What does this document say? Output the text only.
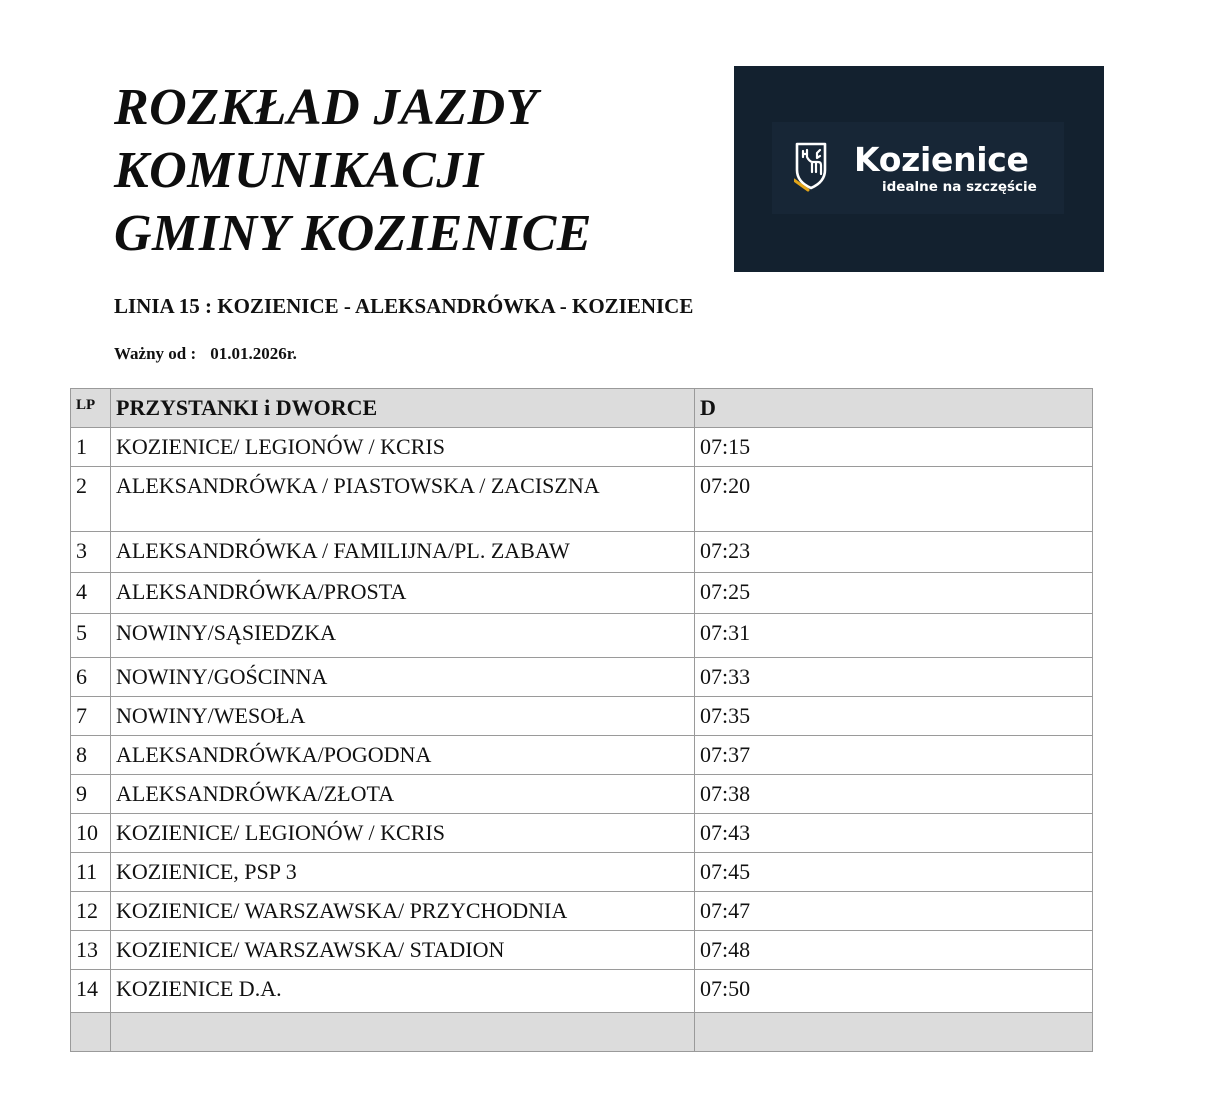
ROZKŁAD JAZDY
KOMUNIKACJI
GMINY KOZIENICE
Kozienice
idealne na szczęście
LINIA 15 : KOZIENICE - ALEKSANDRÓWKA - KOZIENICE
Ważny od : 01.01.2026r.
LP	PRZYSTANKI i DWORCE	D
1	KOZIENICE/ LEGIONÓW / KCRIS	07:15
2	ALEKSANDRÓWKA / PIASTOWSKA / ZACISZNA	07:20
3	ALEKSANDRÓWKA / FAMILIJNA/PL. ZABAW	07:23
4	ALEKSANDRÓWKA/PROSTA	07:25
5	NOWINY/SĄSIEDZKA	07:31
6	NOWINY/GOŚCINNA	07:33
7	NOWINY/WESOŁA	07:35
8	ALEKSANDRÓWKA/POGODNA	07:37
9	ALEKSANDRÓWKA/ZŁOTA	07:38
10	KOZIENICE/ LEGIONÓW / KCRIS	07:43
11	KOZIENICE, PSP 3	07:45
12	KOZIENICE/ WARSZAWSKA/ PRZYCHODNIA	07:47
13	KOZIENICE/ WARSZAWSKA/ STADION	07:48
14	KOZIENICE D.A.	07:50
